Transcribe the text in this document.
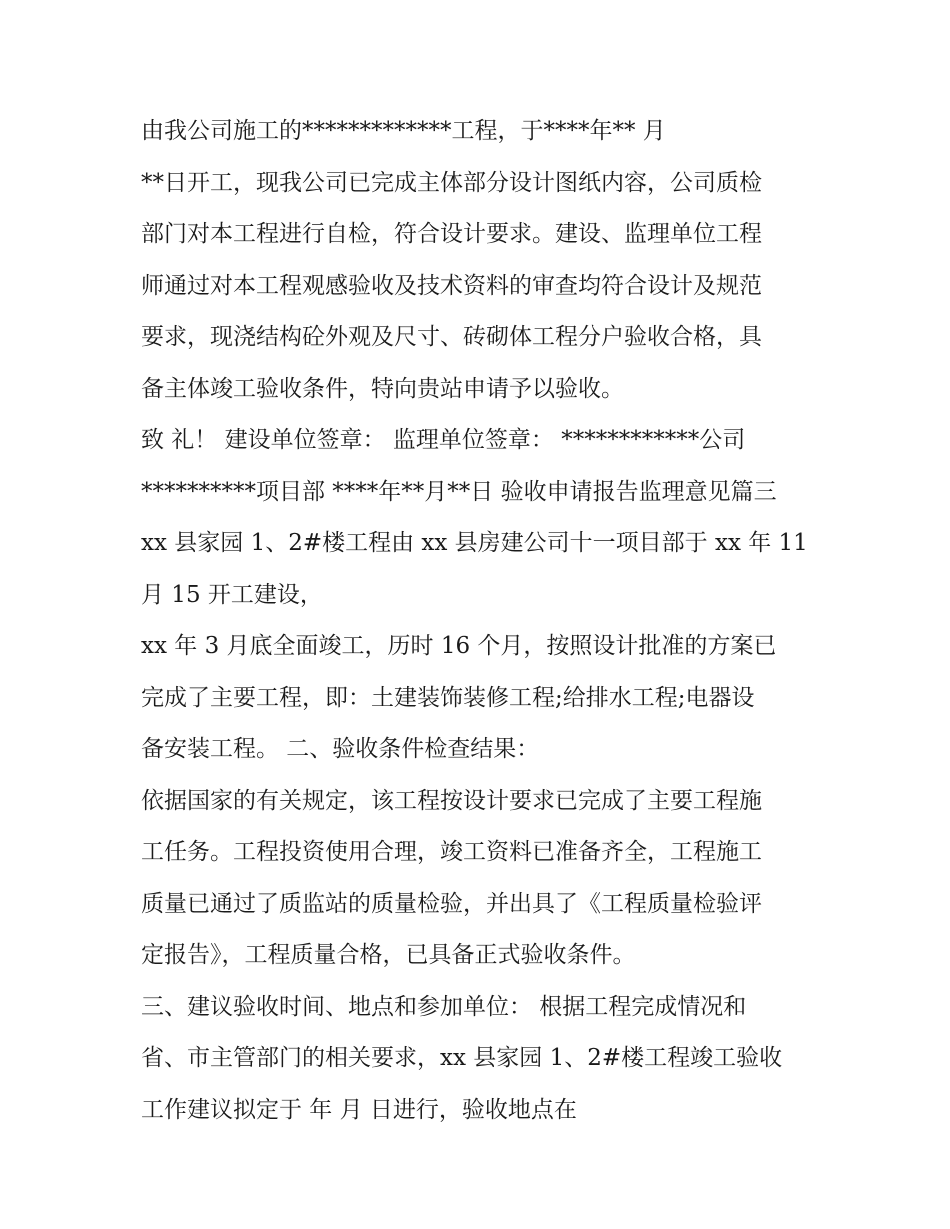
由我公司施工的*************工程，于****年** 月
**日开工，现我公司已完成主体部分设计图纸内容，公司质检
部门对本工程进行自检，符合设计要求。建设、监理单位工程
师通过对本工程观感验收及技术资料的审查均符合设计及规范
要求，现浇结构砼外观及尺寸、砖砌体工程分户验收合格，具
备主体竣工验收条件，特向贵站申请予以验收。
致 礼！ 建设单位签章： 监理单位签章： ************公司
**********项目部 ****年**月**日 验收申请报告监理意见篇三
xx 县家园 1、2#楼工程由 xx 县房建公司十一项目部于 xx 年 11
月 15 开工建设，
xx 年 3 月底全面竣工，历时 16 个月，按照设计批准的方案已
完成了主要工程，即：土建装饰装修工程;给排水工程;电器设
备安装工程。 二、验收条件检查结果：
依据国家的有关规定，该工程按设计要求已完成了主要工程施
工任务。工程投资使用合理，竣工资料已准备齐全，工程施工
质量已通过了质监站的质量检验，并出具了《工程质量检验评
定报告》，工程质量合格，已具备正式验收条件。
三、建议验收时间、地点和参加单位： 根据工程完成情况和
省、市主管部门的相关要求，xx 县家园 1、2#楼工程竣工验收
工作建议拟定于 年 月 日进行，验收地点在
